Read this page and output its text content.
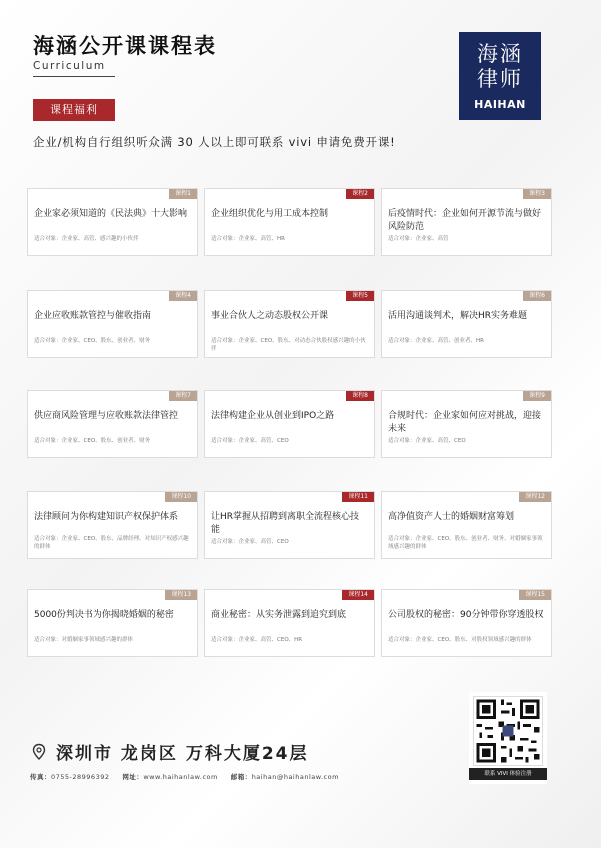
海涵公开课课程表
Curriculum	海涵
律师
HAIHAN
课程福利
企业/机构自行组织听众满 30 人以上即可联系 vivi 申请免费开课!
课程1
企业家必须知道的《民法典》十大影响
适合对象：企业家、高管、感兴趣的小伙伴
课程2
企业组织优化与用工成本控制
适合对象：企业家、高管、HR
课程3
后疫情时代：企业如何开源节流与做好风险防范
适合对象：企业家、高管
课程4
企业应收账款管控与催收指南
适合对象：企业家、CEO、股东、创业者、财务
课程5
事业合伙人之动态股权公开课
适合对象：企业家、CEO、股东、对动态合伙股权感兴趣的小伙伴
课程6
活用沟通谈判术，解决HR实务难题
适合对象：企业家、高管、创业者、HR
课程7
供应商风险管理与应收账款法律管控
适合对象：企业家、CEO、股东、创业者、财务
课程8
法律构建企业从创业到IPO之路
适合对象：企业家、高管、CEO
课程9
合规时代：企业家如何应对挑战，迎接未来
适合对象：企业家、高管、CEO
课程10
法律顾问为你构建知识产权保护体系
适合对象：企业家、CEO、股东、品牌经理、对知识产权感兴趣的群体
课程11
让HR掌握从招聘到离职全流程核心技能
适合对象：企业家、高管、CEO
课程12
高净值资产人士的婚姻财富筹划
适合对象：企业家、CEO、股东、创业者、财务、对婚姻家事领域感兴趣的群体
课程13
5000份判决书为你揭晓婚姻的秘密
适合对象：对婚姻家事领域感兴趣的群体
课程14
商业秘密：从实务泄露到追究到底
适合对象：企业家、高管、CEO、HR
课程15
公司股权的秘密：90分钟带你穿透股权
适合对象：企业家、CEO、股东、对股权领域感兴趣的群体
深圳市 龙岗区 万科大厦24层
传真：0755-28996392 网址：www.haihanlaw.com 邮箱：haihan@haihanlaw.com	联系 VIVI 体验注册
